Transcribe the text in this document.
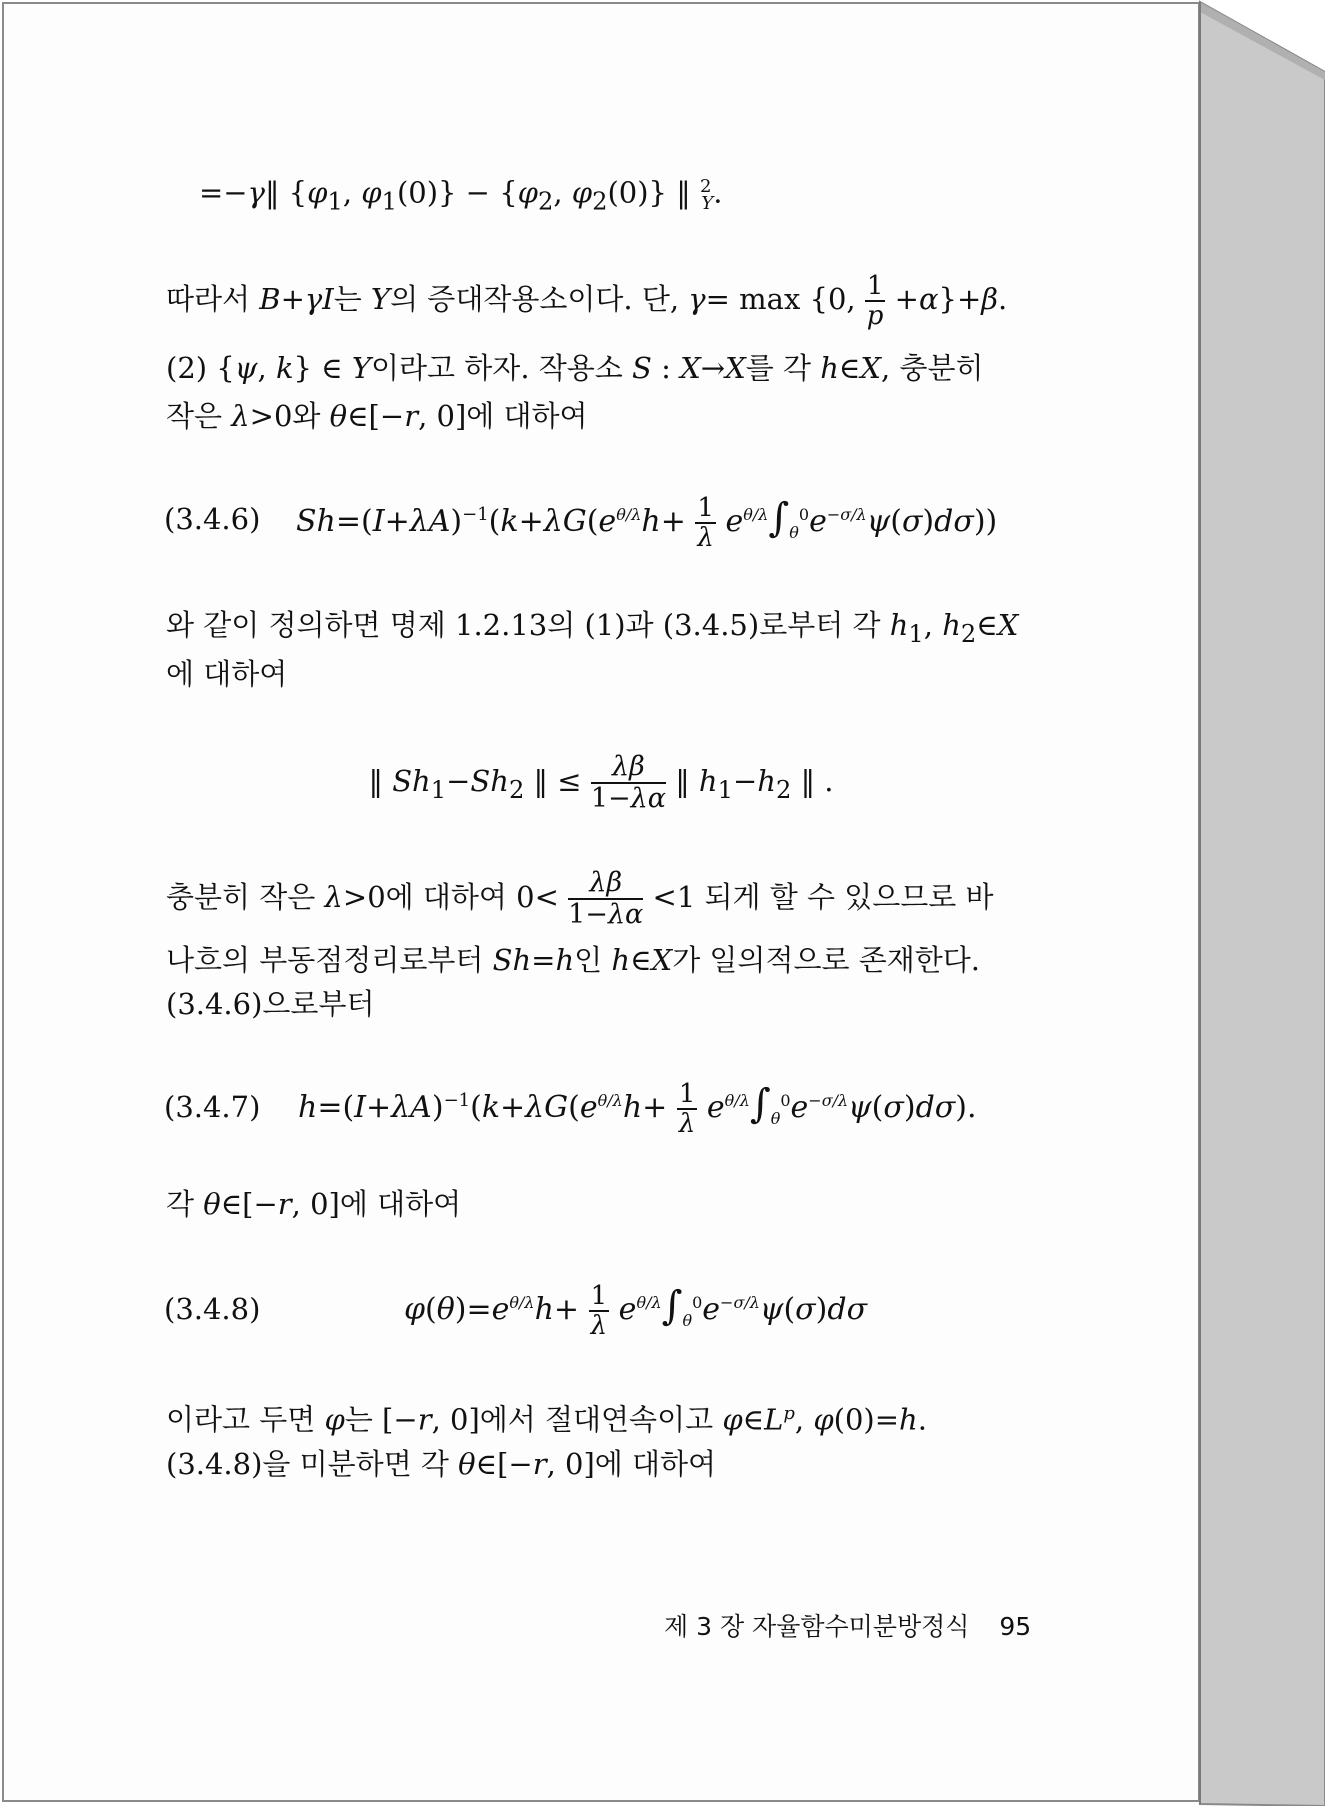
=−γ‖ {$\varphi_1$, $\varphi_1(0)\} - \{\varphi_2$, $\varphi_2(0)$} ‖ $^2_Y$.
따라서 B+γI는 Y의 증대작용소이다. 단, γ= max {0, $\frac{1}{p} +\alpha\}+\beta$.
(2) {ψ, k} ∈ Y이라고 하자. 작용소 S : X→X를 각 h∈X, 충분히
작은 λ>0와 θ∈[−r, 0]에 대하여
(3.4.6) $Sh=(I+\lambda A)^{-1}(k+\lambda G(e^{\theta/\lambda}h+ \frac{1}{\lambda} e^{\theta/\lambda}\int_\theta^0e^{-\sigma/\lambda}\psi(\sigma)d\sigma))$
와 같이 정의하면 명제 1.2.13의 (1)과 (3.4.5)로부터 각 $h_1$, $h_2\in X$
에 대하여
‖ $Sh_1-Sh_2$ ‖ ≤ $\frac{\lambda\beta}{1-\lambda\alpha}$ ‖ $h_1-h_2$ ‖ .
충분히 작은 λ>0에 대하여 $0< \frac{\lambda\beta}{1-\lambda\alpha} <1$ 되게 할 수 있으므로 바
나흐의 부동점정리로부터 Sh=h인 h∈X가 일의적으로 존재한다.
(3.4.6)으로부터
(3.4.7) $h=(I+\lambda A)^{-1}(k+\lambda G(e^{\theta/\lambda}h+ \frac{1}{\lambda} e^{\theta/\lambda}\int_\theta^0e^{-\sigma/\lambda}\psi(\sigma)d\sigma)$.
각 θ∈[−r, 0]에 대하여
(3.4.8)	$\varphi(\theta)=e^{\theta/\lambda}h+ \frac{1}{\lambda} e^{\theta/\lambda}\int_\theta^0e^{-\sigma/\lambda}\psi(\sigma)d\sigma$
이라고 두면 φ는 [−r, 0]에서 절대연속이고 $\varphi\in L^p$, φ(0)=h.
(3.4.8)을 미분하면 각 θ∈[−r, 0]에 대하여
제 3 장 자율함수미분방정식 95
